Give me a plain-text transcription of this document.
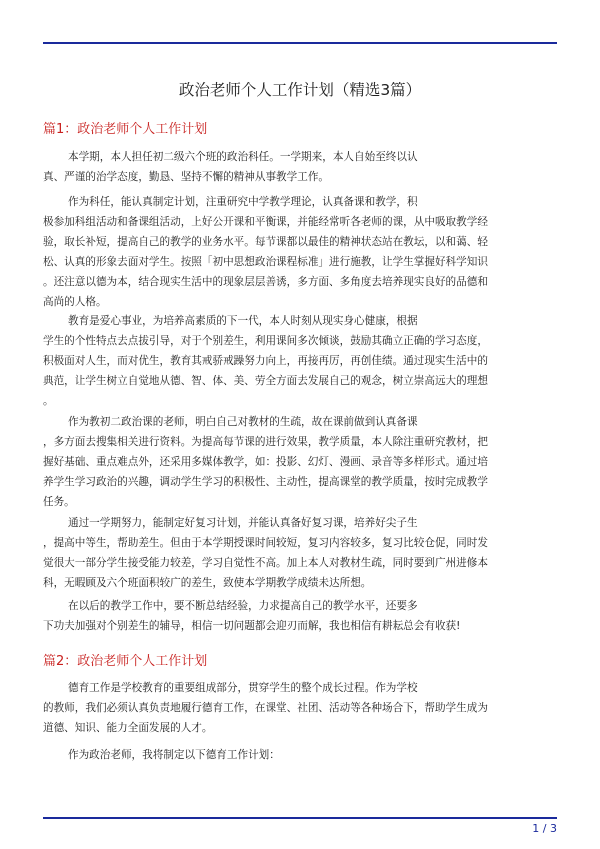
政治老师个人工作计划（精选3篇）
篇1：政治老师个人工作计划

本学期，本人担任初二级六个班的政治科任。一学期来，本人自始至终以认
真、严谨的治学态度，勤恳、坚持不懈的精神从事教学工作。

作为科任，能认真制定计划，注重研究中学教学理论，认真备课和教学，积
极参加科组活动和备课组活动，上好公开课和平衡课，并能经常听各老师的课，从中吸取教学经
验，取长补短，提高自己的教学的业务水平。每节课都以最佳的精神状态站在教坛，以和蔼、轻
松、认真的形象去面对学生。按照「初中思想政治课程标准」进行施教，让学生掌握好科学知识
。还注意以德为本，结合现实生活中的现象层层善诱，多方面、多角度去培养现实良好的品德和
高尚的人格。

教育是爱心事业，为培养高素质的下一代，本人时刻从现实身心健康，根据
学生的个性特点去点拔引导，对于个别差生，利用课间多次倾谈，鼓励其确立正确的学习态度，
积极面对人生，而对优生，教育其戒骄戒躁努力向上，再接再厉，再创佳绩。通过现实生活中的
典范，让学生树立自觉地从德、智、体、美、劳全方面去发展自己的观念，树立崇高远大的理想
。

作为教初二政治课的老师，明白自己对教材的生疏，故在课前做到认真备课
，多方面去搜集相关进行资料。为提高每节课的进行效果，教学质量，本人除注重研究教材，把
握好基础、重点难点外，还采用多媒体教学，如：投影、幻灯、漫画、录音等多样形式。通过培
养学生学习政治的兴趣，调动学生学习的积极性、主动性，提高课堂的教学质量，按时完成教学
任务。

通过一学期努力，能制定好复习计划，并能认真备好复习课，培养好尖子生
，提高中等生，帮助差生。但由于本学期授课时间较短，复习内容较多，复习比较仓促，同时发
觉很大一部分学生接受能力较差，学习自觉性不高。加上本人对教材生疏，同时要到广州进修本
科，无暇顾及六个班面积较广的差生，致使本学期教学成绩未达所想。

在以后的教学工作中，要不断总结经验，力求提高自己的教学水平，还要多
下功夫加强对个别差生的辅导，相信一切问题都会迎刃而解，我也相信有耕耘总会有收获!

篇2：政治老师个人工作计划

德育工作是学校教育的重要组成部分，贯穿学生的整个成长过程。作为学校
的教师，我们必须认真负责地履行德育工作，在课堂、社团、活动等各种场合下，帮助学生成为
道德、知识、能力全面发展的人才。

作为政治老师，我将制定以下德育工作计划：

1 / 3
